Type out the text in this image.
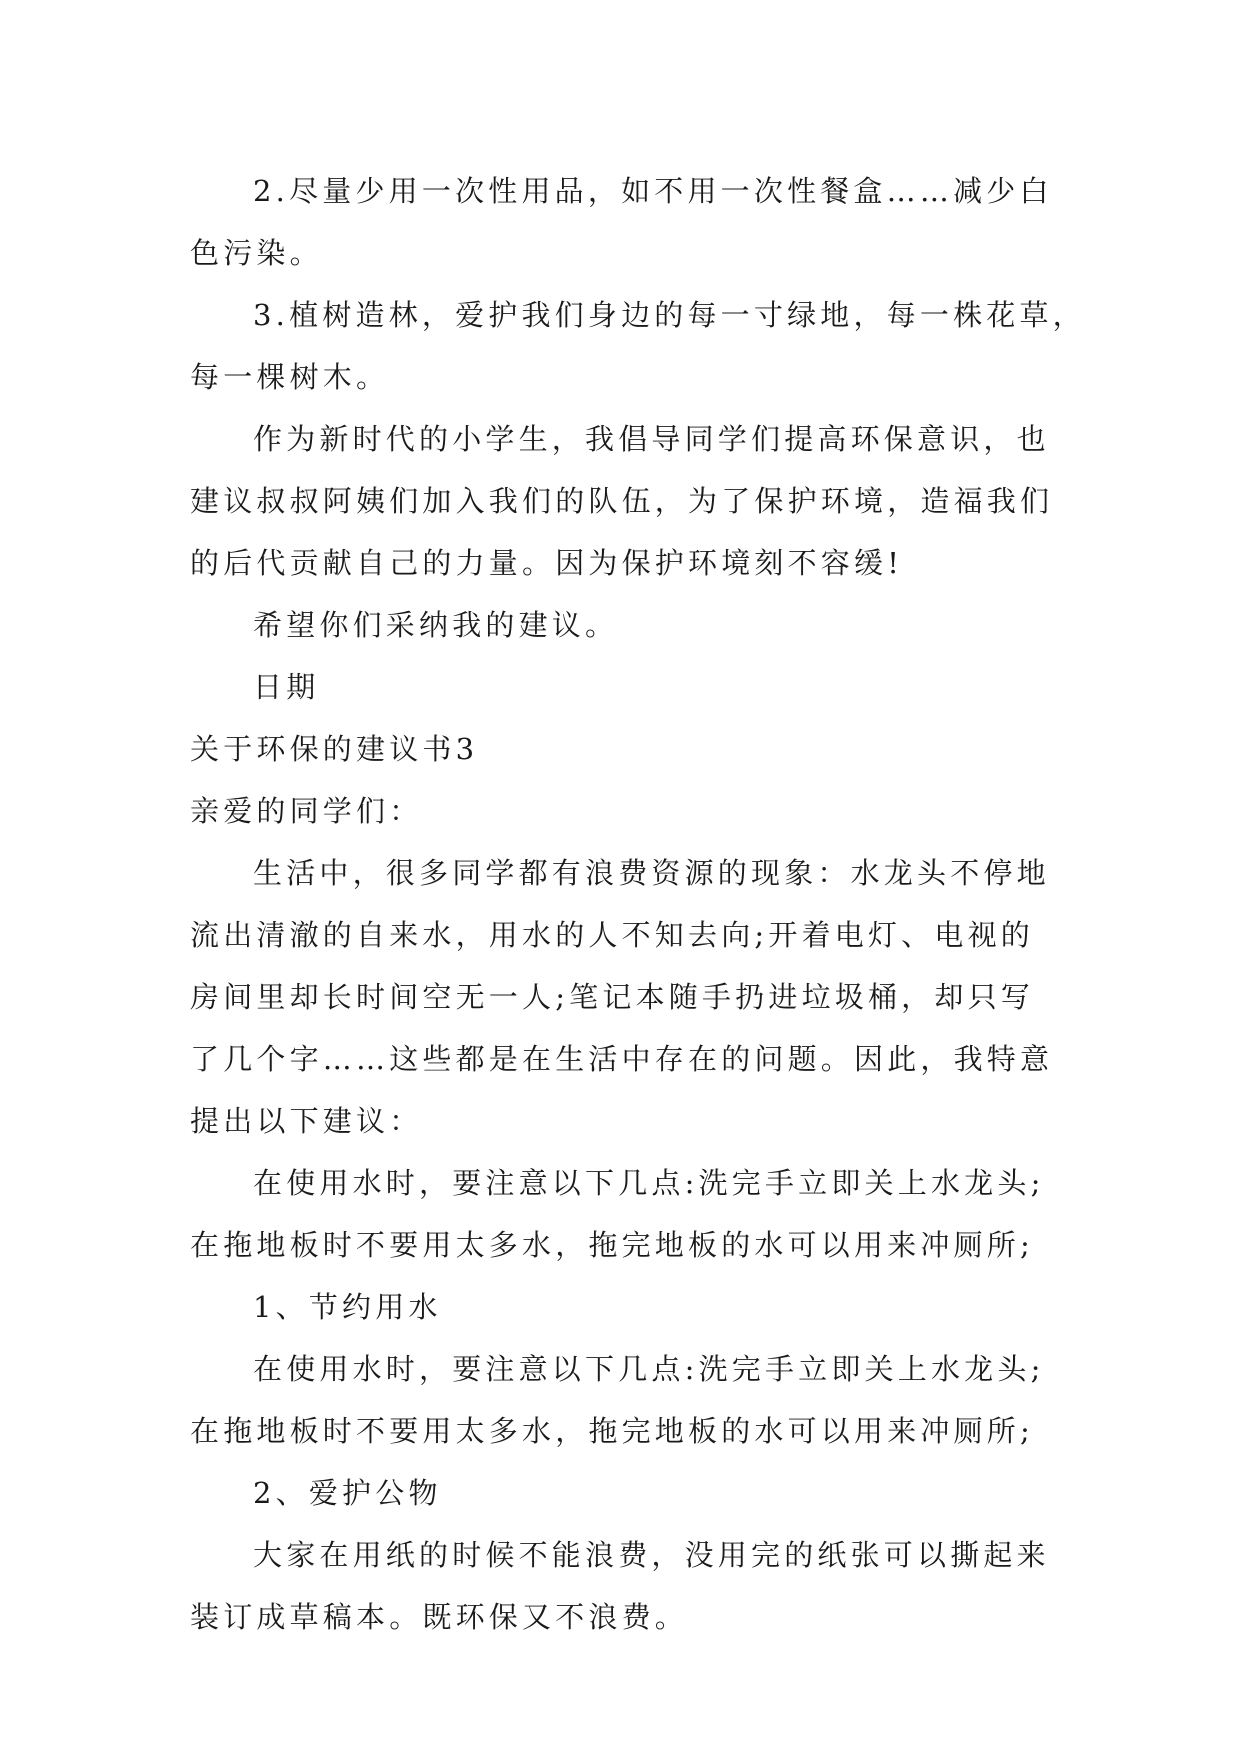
2.尽量少用一次性用品，如不用一次性餐盒……减少白
色污染。
3.植树造林，爱护我们身边的每一寸绿地，每一株花草，
每一棵树木。
作为新时代的小学生，我倡导同学们提高环保意识，也
建议叔叔阿姨们加入我们的队伍，为了保护环境，造福我们
的后代贡献自己的力量。因为保护环境刻不容缓!
希望你们采纳我的建议。
日期
关于环保的建议书3
亲爱的同学们：
生活中，很多同学都有浪费资源的现象：水龙头不停地
流出清澈的自来水，用水的人不知去向;开着电灯、电视的
房间里却长时间空无一人;笔记本随手扔进垃圾桶，却只写
了几个字……这些都是在生活中存在的问题。因此，我特意
提出以下建议：
在使用水时，要注意以下几点:洗完手立即关上水龙头;
在拖地板时不要用太多水，拖完地板的水可以用来冲厕所;
1、节约用水
在使用水时，要注意以下几点:洗完手立即关上水龙头;
在拖地板时不要用太多水，拖完地板的水可以用来冲厕所;
2、爱护公物
大家在用纸的时候不能浪费，没用完的纸张可以撕起来
装订成草稿本。既环保又不浪费。
